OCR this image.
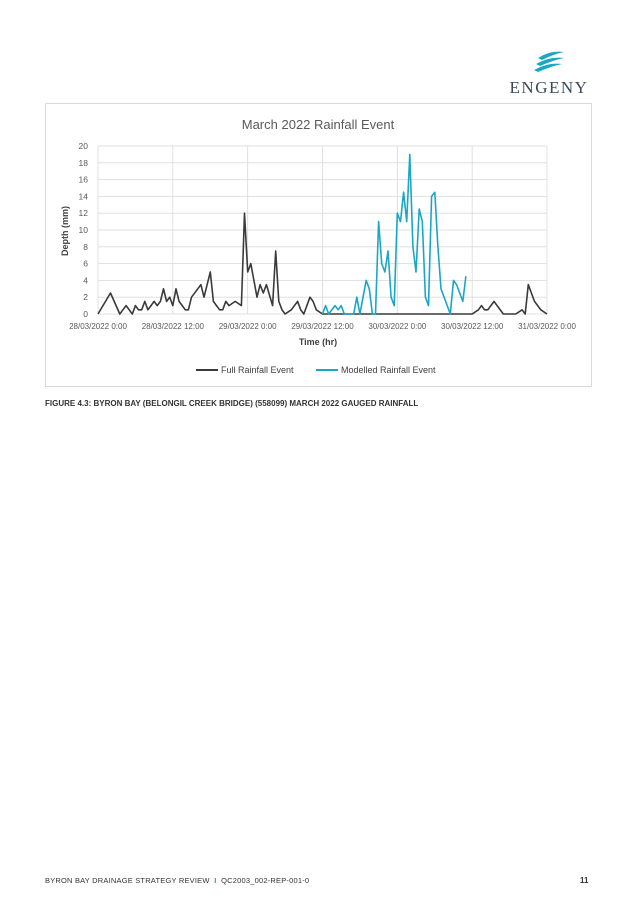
ENGENY
March 2022 Rainfall Event
0
2
4
6
8
10
12
14
16
18
20
28/03/2022 0:00 28/03/2022 12:00 29/03/2022 0:00 29/03/2022 12:00 30/03/2022 0:00 30/03/2022 12:00 31/03/2022 0:00
Depth (mm)
Time (hr)
Full Rainfall Event	Modelled Rainfall Event
FIGURE 4.3: BYRON BAY (BELONGIL CREEK BRIDGE) (558099) MARCH 2022 GAUGED RAINFALL
BYRON BAY DRAINAGE STRATEGY REVIEW I QC2003_002-REP-001-0	11
